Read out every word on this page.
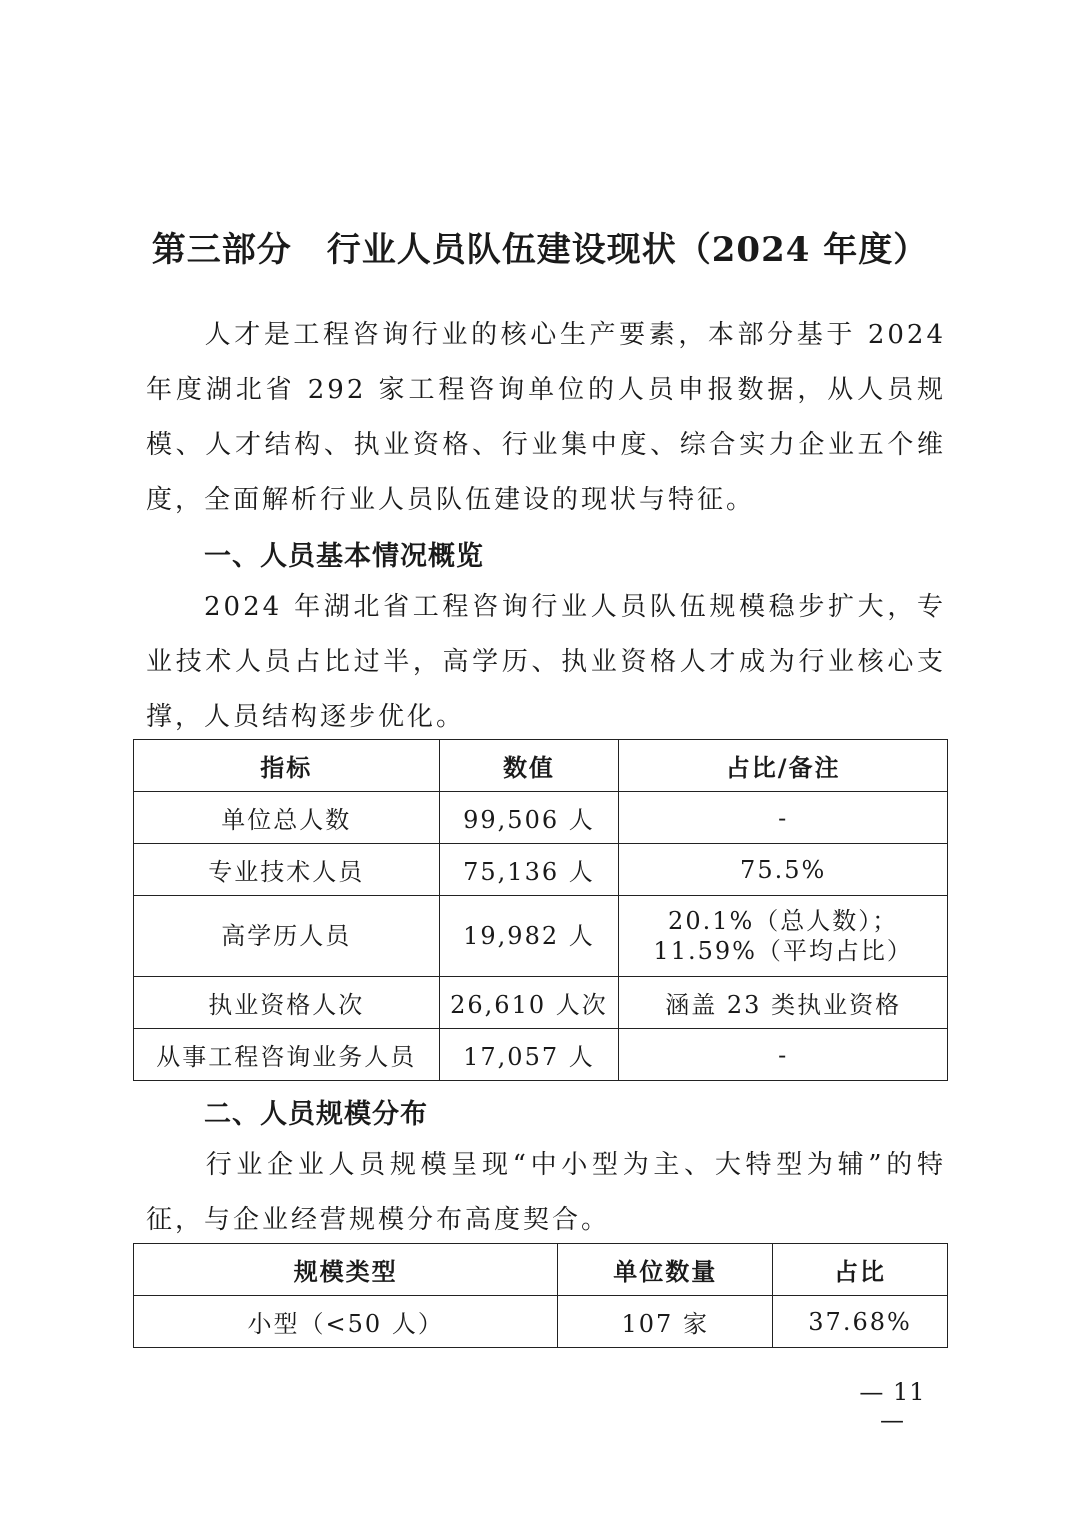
第三部分　行业人员队伍建设现状（2024 年度）
人才是工程咨询行业的核心生产要素，本部分基于 2024 年度湖北省 292 家工程咨询单位的人员申报数据，从人员规模、人才结构、执业资格、行业集中度、综合实力企业五个维度，全面解析行业人员队伍建设的现状与特征。
一、人员基本情况概览
2024 年湖北省工程咨询行业人员队伍规模稳步扩大，专业技术人员占比过半，高学历、执业资格人才成为行业核心支撑，人员结构逐步优化。
指标	数值	占比/备注
单位总人数	99,506 人	-
专业技术人员	75,136 人	75.5%
高学历人员	19,982 人	20.1%（总人数）；
11.59%（平均占比）
执业资格人次	26,610 人次	涵盖 23 类执业资格
从事工程咨询业务人员	17,057 人	-
二、人员规模分布
行业企业人员规模呈现“中小型为主、大特型为辅”的特征，与企业经营规模分布高度契合。
规模类型	单位数量	占比
小型（<50 人）	107 家	37.68%
— 11 —
